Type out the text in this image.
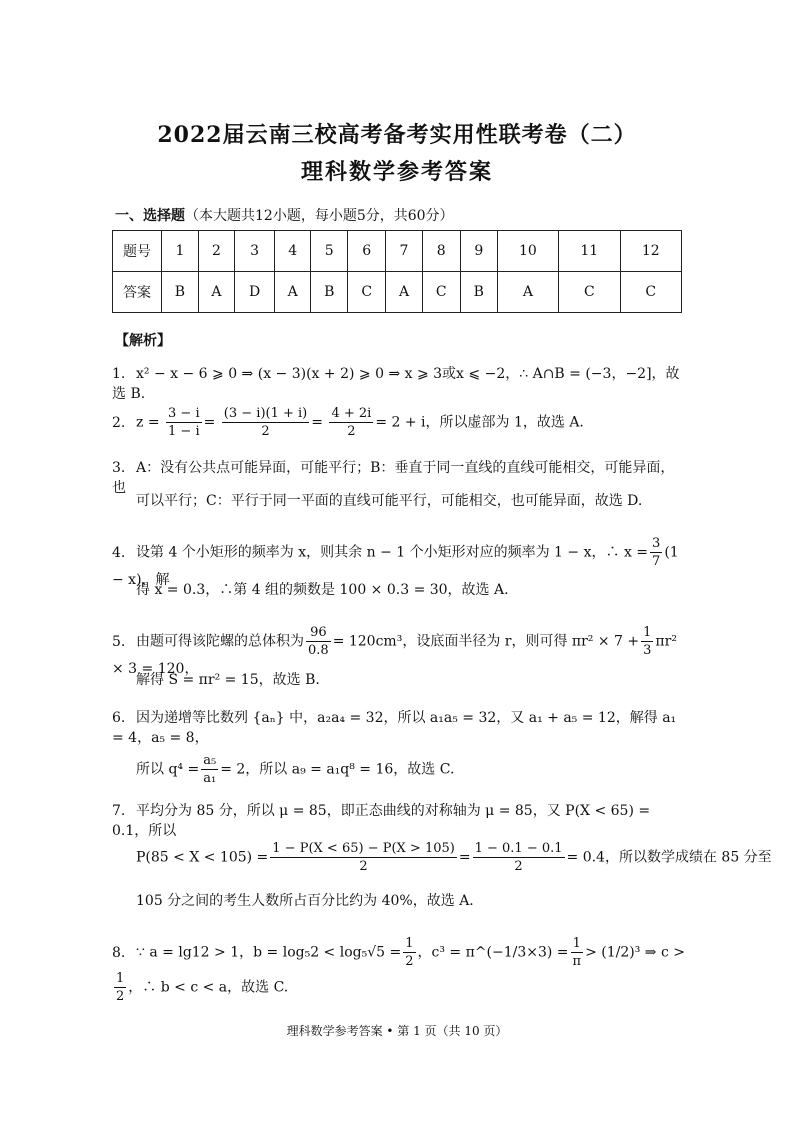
2022届云南三校高考备考实用性联考卷（二）
理科数学参考答案
一、选择题（本大题共12小题，每小题5分，共60分）
题号	1	2	3	4	5	6	7	8	9	10	11	12
答案	B	A	D	A	B	C	A	C	B	A	C	C
【解析】
1. x² − x − 6 ⩾ 0 ⇒ (x − 3)(x + 2) ⩾ 0 ⇒ x ⩾ 3或x ⩽ −2，∴ A∩B = (−3，−2]，故选 B.
2. $z = \frac{3 - i}{1 - i} = \frac{(3 - i)(1 + i)}{2} = \frac{4 + 2i}{2} = 2 + i$，所以虚部为 1，故选 A.
3. A：没有公共点可能异面，可能平行；B：垂直于同一直线的直线可能相交，可能异面，也
可以平行；C：平行于同一平面的直线可能平行，可能相交，也可能异面，故选 D.
4. 设第 4 个小矩形的频率为 x，则其余 n − 1 个小矩形对应的频率为 1 − x，∴ $x = \frac{3}{7} (1 - x)$，解
得 x = 0.3，∴第 4 组的频数是 100 × 0.3 = 30，故选 A.
5. 由题可得该陀螺的总体积为 $\frac{96}{0.8} = 120cm^3$，设底面半径为 r，则可得 $\pi r^2 \times 7 + \frac{1}{3} \pi r^2 \times 3 = 120$，
解得 S = πr² = 15，故选 B.
6. 因为递增等比数列 {aₙ} 中，a₂a₄ = 32，所以 a₁a₅ = 32，又 a₁ + a₅ = 12，解得 a₁ = 4，a₅ = 8，
所以 $q^4 = \frac{\text{a₅}}{\text{a₁}} = 2$，所以 a₉ = a₁q⁸ = 16，故选 C.
7. 平均分为 85 分，所以 μ = 85，即正态曲线的对称轴为 μ = 85，又 P(X < 65) = 0.1，所以
$P(85 < X < 105) = \frac{1 - P(X < 65) - P(X > 105)}{2} = \frac{1 - 0.1 - 0.1}{2} = 0.4$，所以数学成绩在 85 分至
105 分之间的考生人数所占百分比约为 40%，故选 A.
8. ∵ a = lg12 > 1，$b = \log_52 < \log_5√5 = \frac{1}{2}$ ，c³ = π^(−1/3×3) = $\frac{1}{\pi} > (1/2)^3$ ⇒ c >
$\frac{1}{2}$ ，∴ b < c < a，故选 C.
理科数学参考答案 • 第 1 页（共 10 页）
